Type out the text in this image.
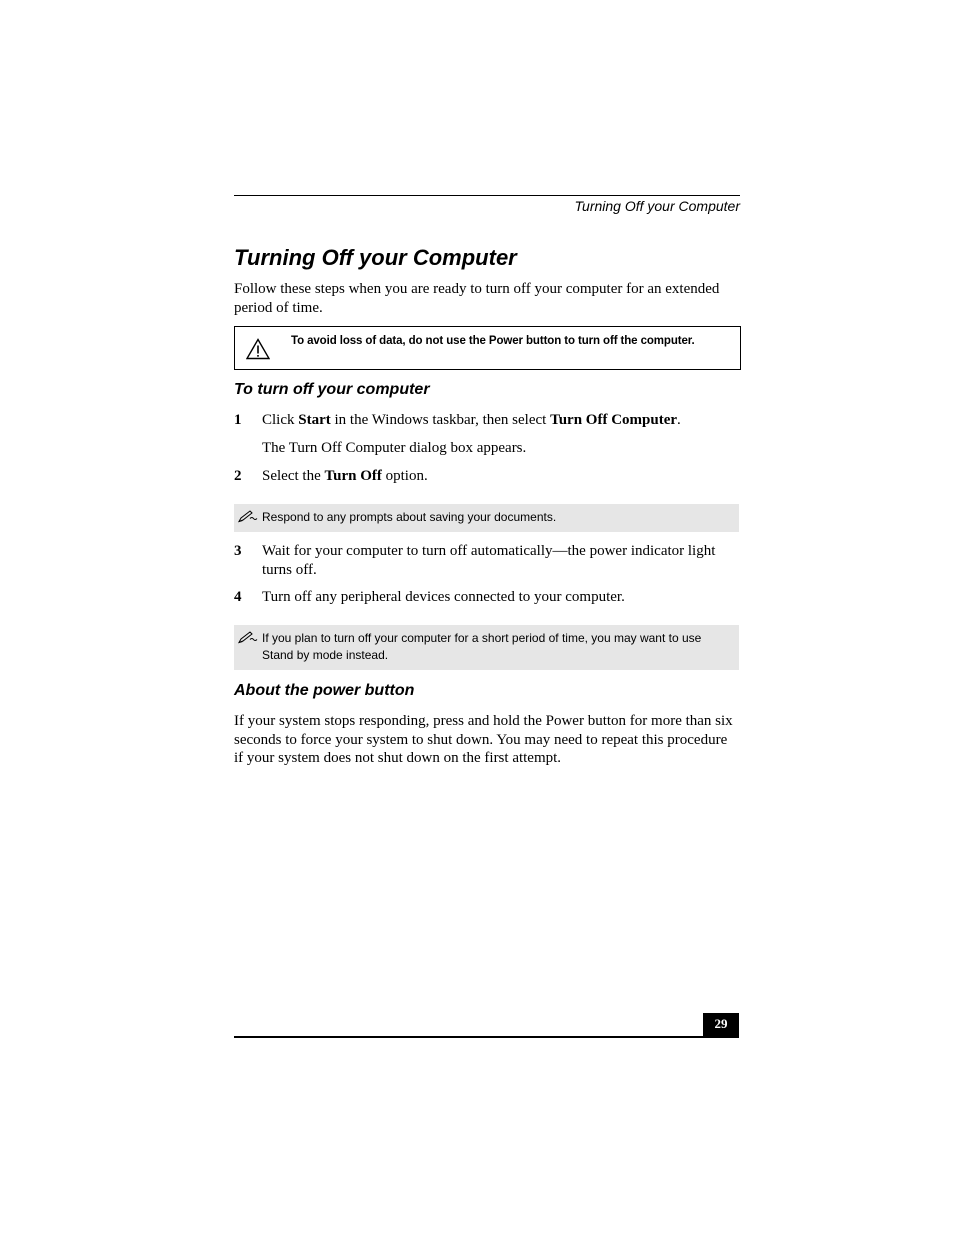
Turning Off your Computer
Turning Off your Computer
Follow these steps when you are ready to turn off your computer for an extended period of time.
To avoid loss of data, do not use the Power button to turn off the computer.
To turn off your computer
1 Click Start in the Windows taskbar, then select Turn Off Computer.
The Turn Off Computer dialog box appears.
2 Select the Turn Off option.
Respond to any prompts about saving your documents.
3 Wait for your computer to turn off automatically—the power indicator light turns off.
4 Turn off any peripheral devices connected to your computer.
If you plan to turn off your computer for a short period of time, you may want to use Stand by mode instead.
About the power button
If your system stops responding, press and hold the Power button for more than six seconds to force your system to shut down. You may need to repeat this procedure if your system does not shut down on the first attempt.
29
